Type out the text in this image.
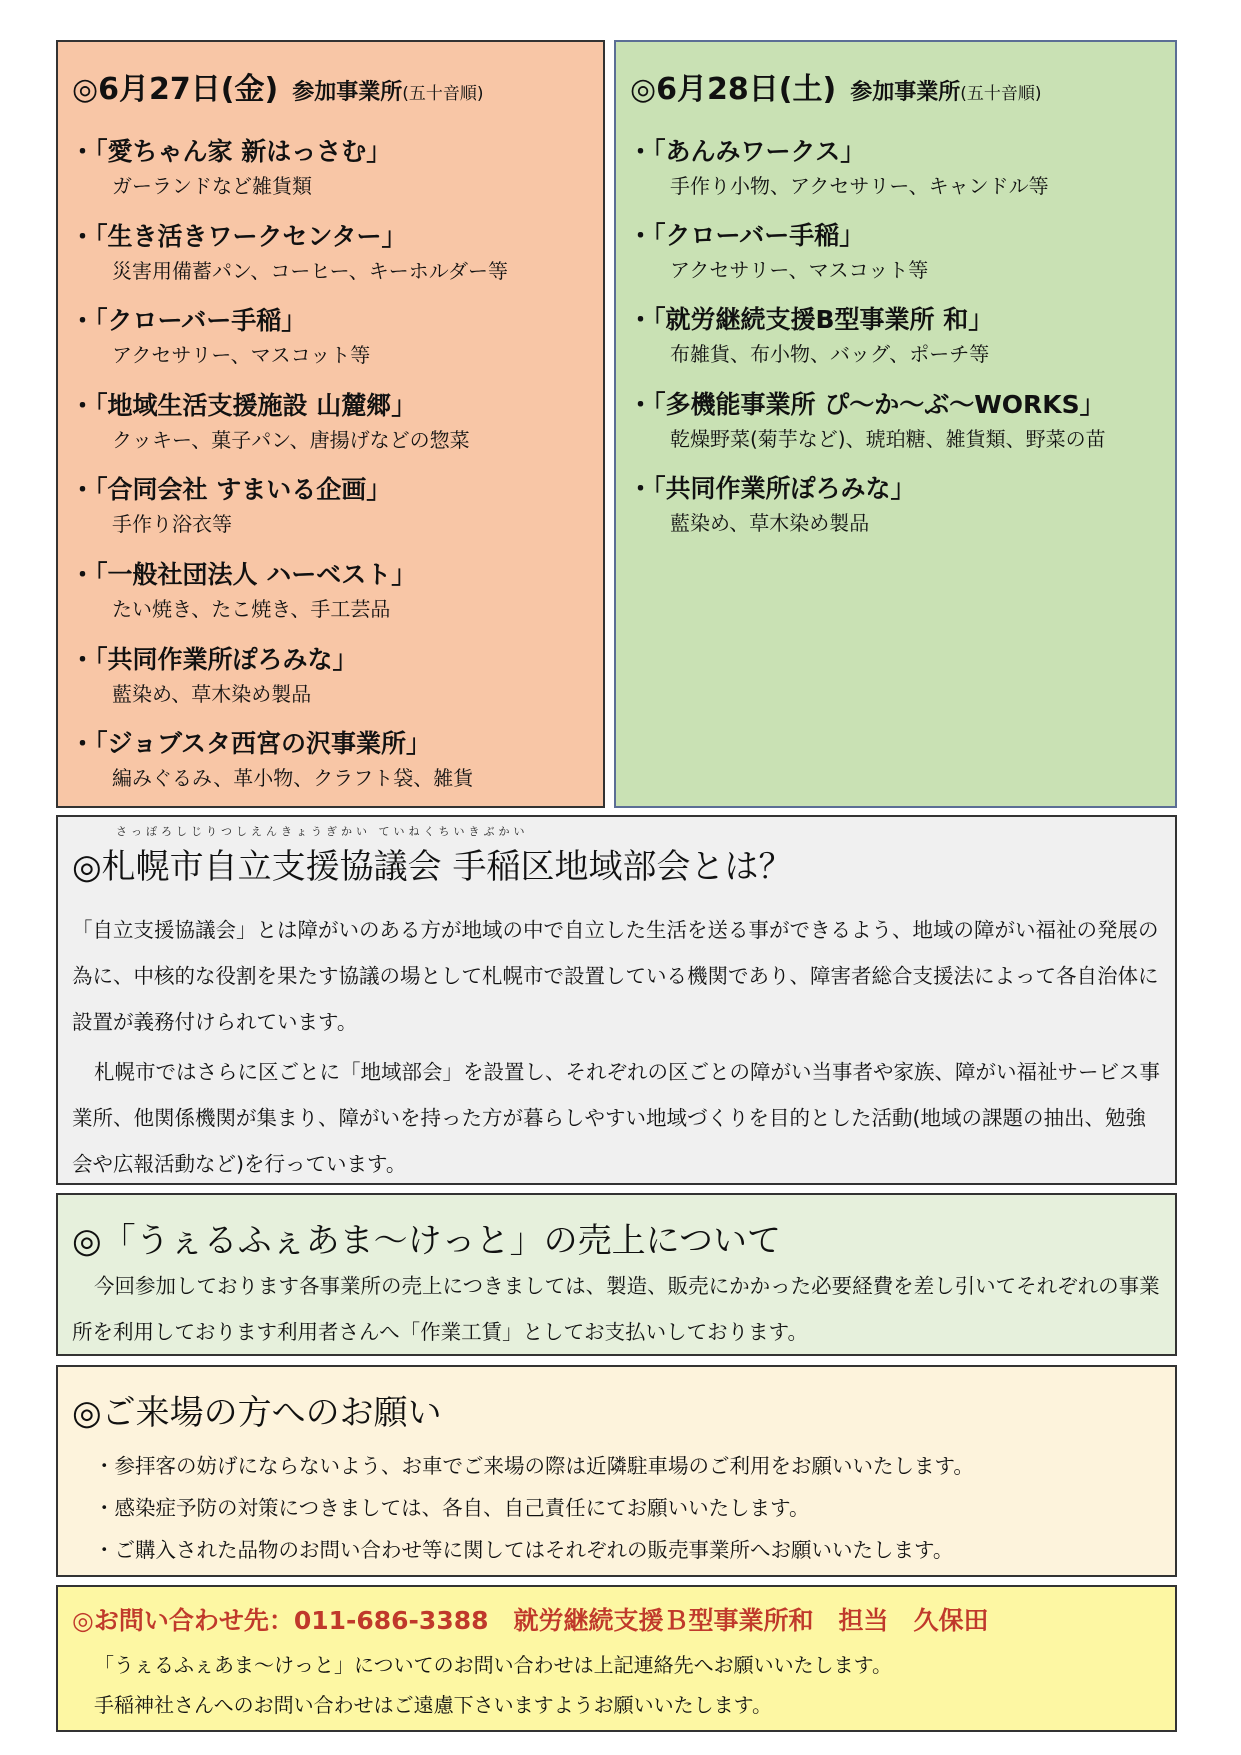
◎6月27日(金) 参加事業所(五十音順)
・「愛ちゃん家 新はっさむ」
ガーランドなど雑貨類
・「生き活きワークセンター」
災害用備蓄パン、コーヒー、キーホルダー等
・「クローバー手稲」
アクセサリー、マスコット等
・「地域生活支援施設 山麓郷」
クッキー、菓子パン、唐揚げなどの惣菜
・「合同会社 すまいる企画」
手作り浴衣等
・「一般社団法人 ハーベスト」
たい焼き、たこ焼き、手工芸品
・「共同作業所ぽろみな」
藍染め、草木染め製品
・「ジョブスタ西宮の沢事業所」
編みぐるみ、革小物、クラフト袋、雑貨
◎6月28日(土) 参加事業所(五十音順)
・「あんみワークス」
手作り小物、アクセサリー、キャンドル等
・「クローバー手稲」
アクセサリー、マスコット等
・「就労継続支援B型事業所 和」
布雑貨、布小物、バッグ、ポーチ等
・「多機能事業所 ぴ〜か〜ぶ〜WORKS」
乾燥野菜(菊芋など)、琥珀糖、雑貨類、野菜の苗
・「共同作業所ぽろみな」
藍染め、草木染め製品
さっぽろしじりつしえんきょうぎかい ていねくちいきぶかい
◎札幌市自立支援協議会 手稲区地域部会とは？
「自立支援協議会」とは障がいのある方が地域の中で自立した生活を送る事ができるよう、地域の障がい福祉の発展の為に、中核的な役割を果たす協議の場として札幌市で設置している機関であり、障害者総合支援法によって各自治体に設置が義務付けられています。
札幌市ではさらに区ごとに「地域部会」を設置し、それぞれの区ごとの障がい当事者や家族、障がい福祉サービス事業所、他関係機関が集まり、障がいを持った方が暮らしやすい地域づくりを目的とした活動(地域の課題の抽出、勉強会や広報活動など)を行っています。
◎「うぇるふぇあま〜けっと」の売上について
今回参加しております各事業所の売上につきましては、製造、販売にかかった必要経費を差し引いてそれぞれの事業所を利用しております利用者さんへ「作業工賃」としてお支払いしております。
◎ご来場の方へのお願い
・参拝客の妨げにならないよう、お車でご来場の際は近隣駐車場のご利用をお願いいたします。
・感染症予防の対策につきましては、各自、自己責任にてお願いいたします。
・ご購入された品物のお問い合わせ等に関してはそれぞれの販売事業所へお願いいたします。
◎お問い合わせ先：011-686-3388　就労継続支援Ｂ型事業所和　担当　久保田
「うぇるふぇあま〜けっと」についてのお問い合わせは上記連絡先へお願いいたします。
手稲神社さんへのお問い合わせはご遠慮下さいますようお願いいたします。
